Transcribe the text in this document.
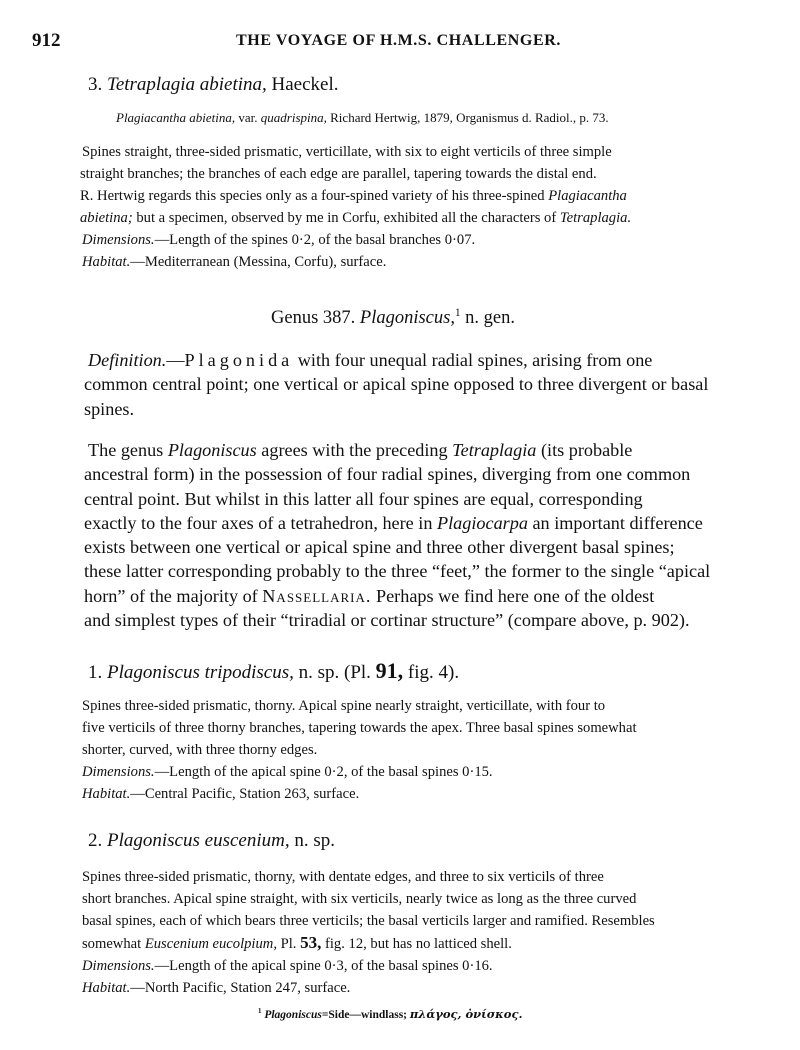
912	THE VOYAGE OF H.M.S. CHALLENGER.
3. Tetraplagia abietina, Haeckel.
Plagiacantha abietina, var. quadrispina, Richard Hertwig, 1879, Organismus d. Radiol., p. 73.
Spines straight, three-sided prismatic, verticillate, with six to eight verticils of three simple
straight branches; the branches of each edge are parallel, tapering towards the distal end.
R. Hertwig regards this species only as a four-spined variety of his three-spined Plagiacantha
abietina; but a specimen, observed by me in Corfu, exhibited all the characters of Tetraplagia.
Dimensions.—Length of the spines 0·2, of the basal branches 0·07.
Habitat.—Mediterranean (Messina, Corfu), surface.
Genus 387. Plagoniscus,$^1$ n. gen.
Definition.—Plagonida with four unequal radial spines, arising from one
common central point; one vertical or apical spine opposed to three divergent or basal
spines.
The genus Plagoniscus agrees with the preceding Tetraplagia (its probable
ancestral form) in the possession of four radial spines, diverging from one common
central point. But whilst in this latter all four spines are equal, corresponding
exactly to the four axes of a tetrahedron, here in Plagiocarpa an important difference
exists between one vertical or apical spine and three other divergent basal spines;
these latter corresponding probably to the three “feet,” the former to the single “apical
horn” of the majority of Nassellaria. Perhaps we find here one of the oldest
and simplest types of their “triradial or cortinar structure” (compare above, p. 902).
1. Plagoniscus tripodiscus, n. sp. (Pl. 91, fig. 4).
Spines three-sided prismatic, thorny. Apical spine nearly straight, verticillate, with four to
five verticils of three thorny branches, tapering towards the apex. Three basal spines somewhat
shorter, curved, with three thorny edges.
Dimensions.—Length of the apical spine 0·2, of the basal spines 0·15.
Habitat.—Central Pacific, Station 263, surface.
2. Plagoniscus euscenium, n. sp.
Spines three-sided prismatic, thorny, with dentate edges, and three to six verticils of three
short branches. Apical spine straight, with six verticils, nearly twice as long as the three curved
basal spines, each of which bears three verticils; the basal verticils larger and ramified. Resembles
somewhat Euscenium eucolpium, Pl. 53, fig. 12, but has no latticed shell.
Dimensions.—Length of the apical spine 0·3, of the basal spines 0·16.
Habitat.—North Pacific, Station 247, surface.
$^1$ Plagoniscus=Side—windlass; πλάγος, ὀνίσκος.
